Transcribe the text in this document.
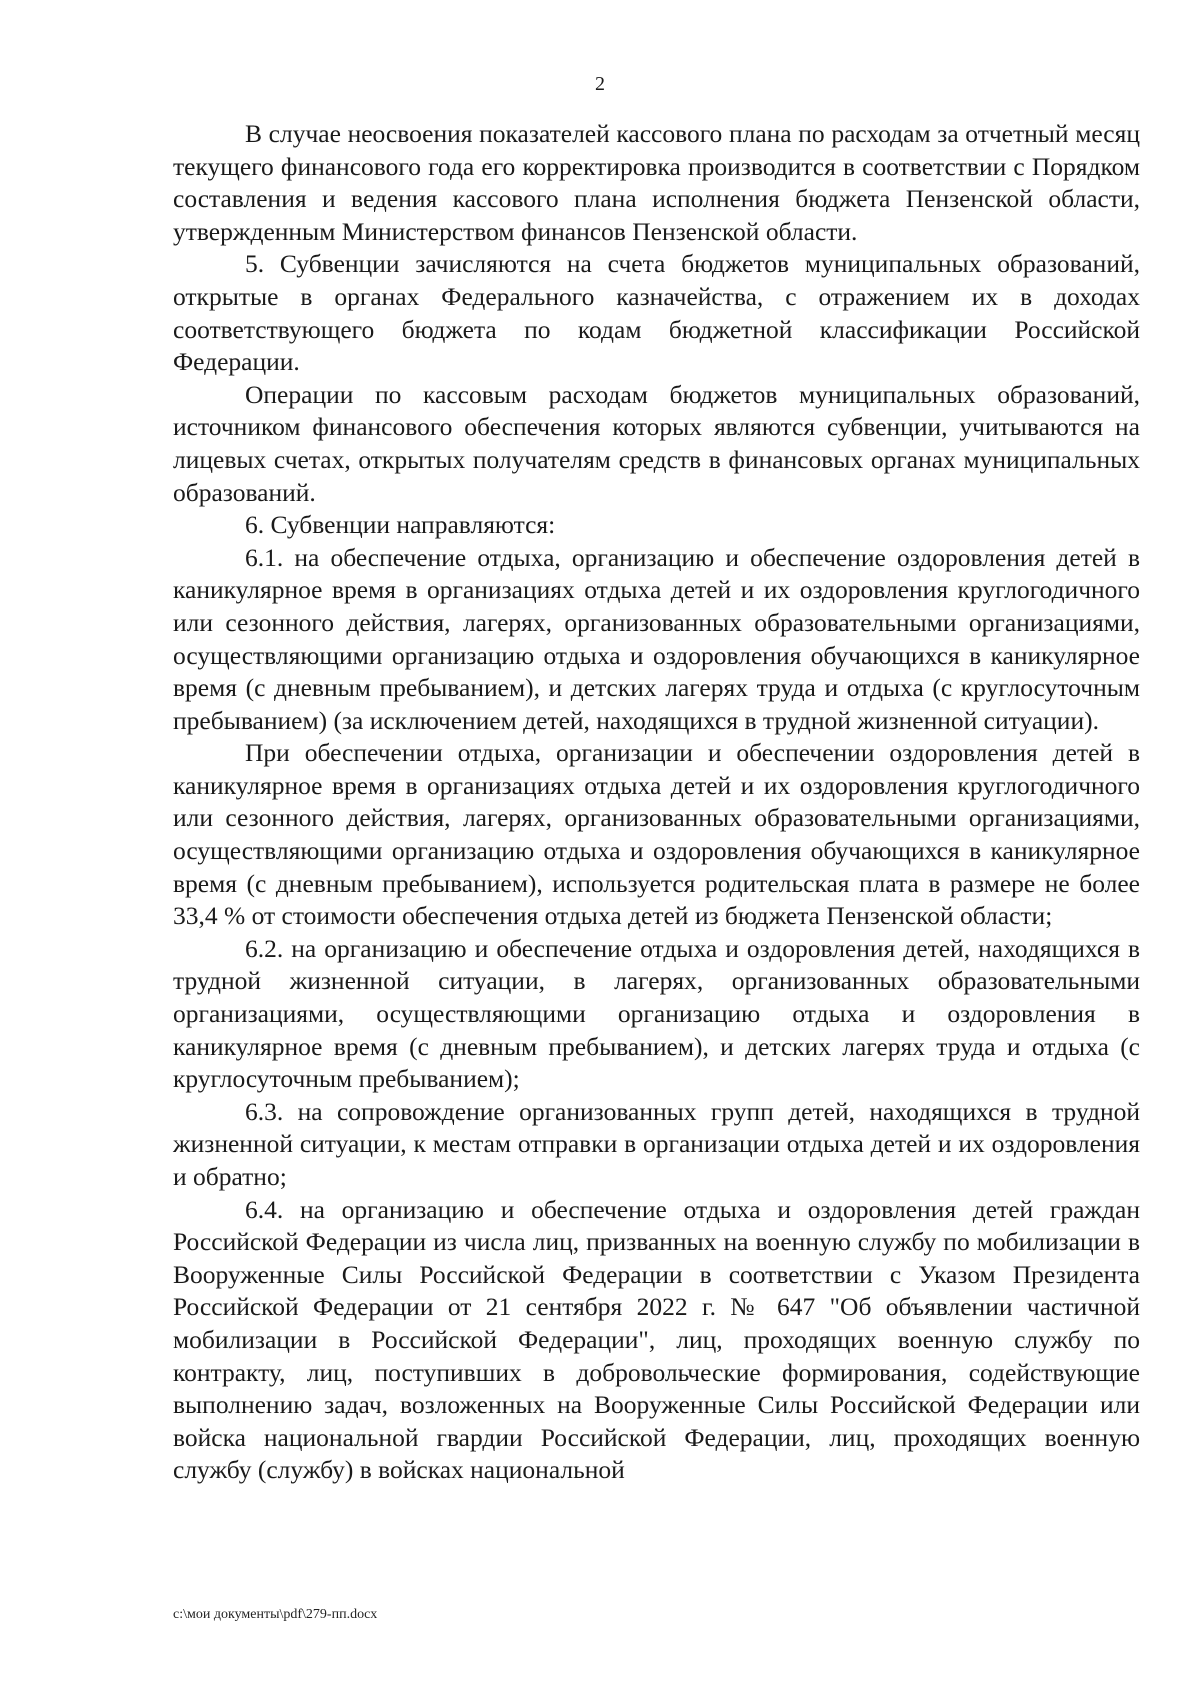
2

В случае неосвоения показателей кассового плана по расходам за отчетный месяц текущего финансового года его корректировка производится в соответствии с Порядком составления и ведения кассового плана исполнения бюджета Пензенской области, утвержденным Министерством финансов Пензенской области.

5. Субвенции зачисляются на счета бюджетов муниципальных образований, открытые в органах Федерального казначейства, с отражением их в доходах соответствующего бюджета по кодам бюджетной классификации Российской Федерации.

Операции по кассовым расходам бюджетов муниципальных образований, источником финансового обеспечения которых являются субвенции, учитываются на лицевых счетах, открытых получателям средств в финансовых органах муниципальных образований.

6. Субвенции направляются:

6.1. на обеспечение отдыха, организацию и обеспечение оздоровления детей в каникулярное время в организациях отдыха детей и их оздоровления круглогодичного или сезонного действия, лагерях, организованных образовательными организациями, осуществляющими организацию отдыха и оздоровления обучающихся в каникулярное время (с дневным пребыванием), и детских лагерях труда и отдыха (с круглосуточным пребыванием) (за исключением детей, находящихся в трудной жизненной ситуации).

При обеспечении отдыха, организации и обеспечении оздоровления детей в каникулярное время в организациях отдыха детей и их оздоровления круглогодичного или сезонного действия, лагерях, организованных образовательными организациями, осуществляющими организацию отдыха и оздоровления обучающихся в каникулярное время (с дневным пребыванием), используется родительская плата в размере не более 33,4 % от стоимости обеспечения отдыха детей из бюджета Пензенской области;

6.2. на организацию и обеспечение отдыха и оздоровления детей, находящихся в трудной жизненной ситуации, в лагерях, организованных образовательными организациями, осуществляющими организацию отдыха и оздоровления в каникулярное время (с дневным пребыванием), и детских лагерях труда и отдыха (с круглосуточным пребыванием);

6.3. на сопровождение организованных групп детей, находящихся в трудной жизненной ситуации, к местам отправки в организации отдыха детей и их оздоровления и обратно;

6.4. на организацию и обеспечение отдыха и оздоровления детей граждан Российской Федерации из числа лиц, призванных на военную службу по мобилизации в Вооруженные Силы Российской Федерации в соответствии с Указом Президента Российской Федерации от 21 сентября 2022 г. № 647 "Об объявлении частичной мобилизации в Российской Федерации", лиц, проходящих военную службу по контракту, лиц, поступивших в добровольческие формирования, содействующие выполнению задач, возложенных на Вооруженные Силы Российской Федерации или войска национальной гвардии Российской Федерации, лиц, проходящих военную службу (службу) в войсках национальной

c:\мои документы\pdf\279-пп.docx
